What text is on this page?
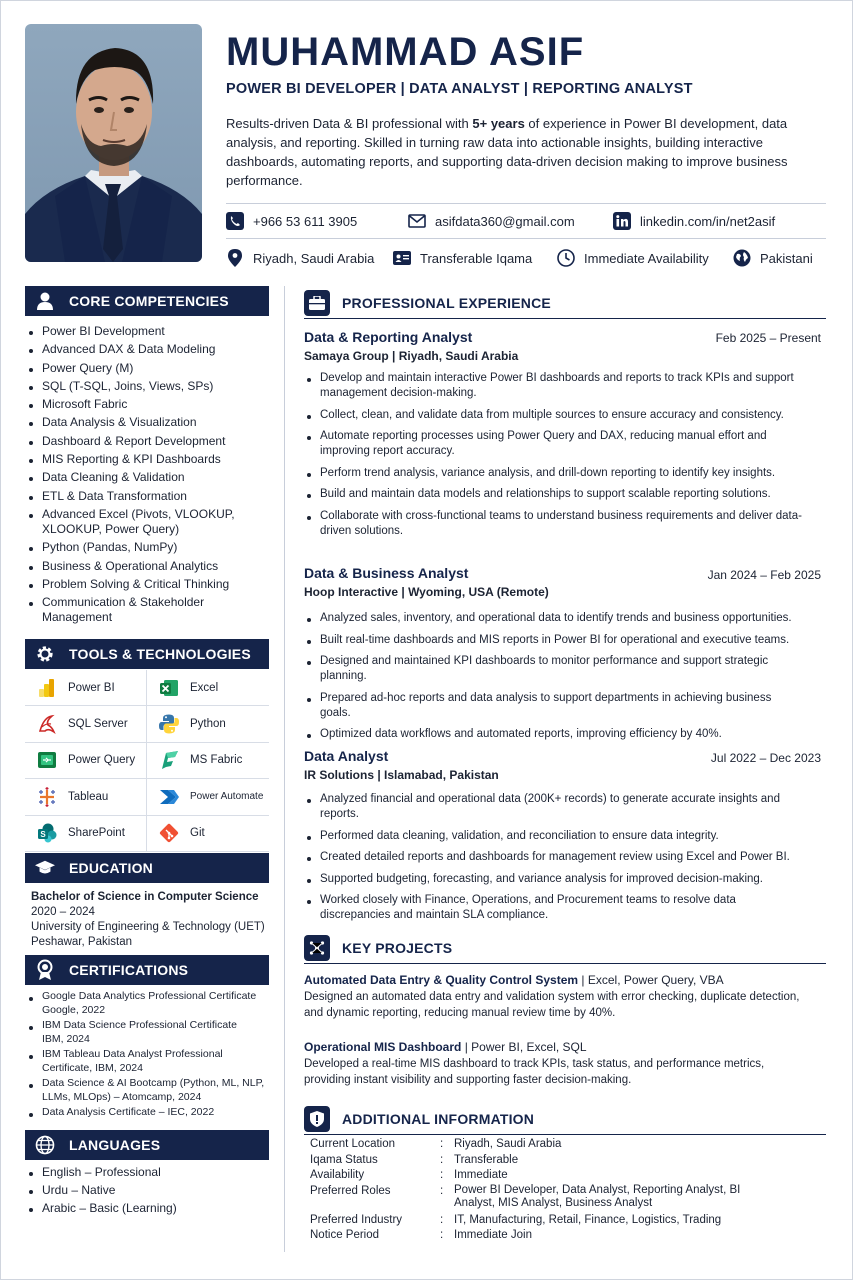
MUHAMMAD ASIF
POWER BI DEVELOPER | DATA ANALYST | REPORTING ANALYST
Results-driven Data & BI professional with 5+ years of experience in Power BI development, data analysis, and reporting. Skilled in turning raw data into actionable insights, building interactive dashboards, automating reports, and supporting data-driven decision making to improve business performance.
+966 53 611 3905	asifdata360@gmail.com	linkedin.com/in/net2asif
Riyadh, Saudi Arabia	Transferable Iqama	Immediate Availability	Pakistani
CORE COMPETENCIES
Power BI Development
Advanced DAX & Data Modeling
Power Query (M)
SQL (T-SQL, Joins, Views, SPs)
Microsoft Fabric
Data Analysis & Visualization
Dashboard & Report Development
MIS Reporting & KPI Dashboards
Data Cleaning & Validation
ETL & Data Transformation
Advanced Excel (Pivots, VLOOKUP, XLOOKUP, Power Query)
Python (Pandas, NumPy)
Business & Operational Analytics
Problem Solving & Critical Thinking
Communication & Stakeholder Management
TOOLS & TECHNOLOGIES
Power BI	Excel
SQL Server	Python
Power Query	MS Fabric
Tableau	Power Automate
S SharePoint	Git
EDUCATION
Bachelor of Science in Computer Science
2020 – 2024
University of Engineering & Technology (UET)
Peshawar, Pakistan
CERTIFICATIONS
Google Data Analytics Professional Certificate
Google, 2022
IBM Data Science Professional Certificate
IBM, 2024
IBM Tableau Data Analyst Professional
Certificate, IBM, 2024
Data Science & AI Bootcamp (Python, ML, NLP,
LLMs, MLOps) – Atomcamp, 2024
Data Analysis Certificate – IEC, 2022
LANGUAGES
English – Professional
Urdu – Native
Arabic – Basic (Learning)
PROFESSIONAL EXPERIENCE
Data & Reporting Analyst	Feb 2025 – Present
Samaya Group | Riyadh, Saudi Arabia
Develop and maintain interactive Power BI dashboards and reports to track KPIs and support management decision-making.
Collect, clean, and validate data from multiple sources to ensure accuracy and consistency.
Automate reporting processes using Power Query and DAX, reducing manual effort and improving report accuracy.
Perform trend analysis, variance analysis, and drill-down reporting to identify key insights.
Build and maintain data models and relationships to support scalable reporting solutions.
Collaborate with cross-functional teams to understand business requirements and deliver data-driven solutions.
Data & Business Analyst	Jan 2024 – Feb 2025
Hoop Interactive | Wyoming, USA (Remote)
Analyzed sales, inventory, and operational data to identify trends and business opportunities.
Built real-time dashboards and MIS reports in Power BI for operational and executive teams.
Designed and maintained KPI dashboards to monitor performance and support strategic planning.
Prepared ad-hoc reports and data analysis to support departments in achieving business goals.
Optimized data workflows and automated reports, improving efficiency by 40%.
Data Analyst	Jul 2022 – Dec 2023
IR Solutions | Islamabad, Pakistan
Analyzed financial and operational data (200K+ records) to generate accurate insights and reports.
Performed data cleaning, validation, and reconciliation to ensure data integrity.
Created detailed reports and dashboards for management review using Excel and Power BI.
Supported budgeting, forecasting, and variance analysis for improved decision-making.
Worked closely with Finance, Operations, and Procurement teams to resolve data discrepancies and maintain SLA compliance.
KEY PROJECTS
Automated Data Entry & Quality Control System | Excel, Power Query, VBA
Designed an automated data entry and validation system with error checking, duplicate detection, and dynamic reporting, reducing manual review time by 40%.
Operational MIS Dashboard | Power BI, Excel, SQL
Developed a real-time MIS dashboard to track KPIs, task status, and performance metrics, providing instant visibility and supporting faster decision-making.
ADDITIONAL INFORMATION
Current Location	: Riyadh, Saudi Arabia
Iqama Status	: Transferable
Availability	: Immediate
Preferred Roles	: Power BI Developer, Data Analyst, Reporting Analyst, BI Analyst, MIS Analyst, Business Analyst
Preferred Industry	: IT, Manufacturing, Retail, Finance, Logistics, Trading
Notice Period	: Immediate Join
